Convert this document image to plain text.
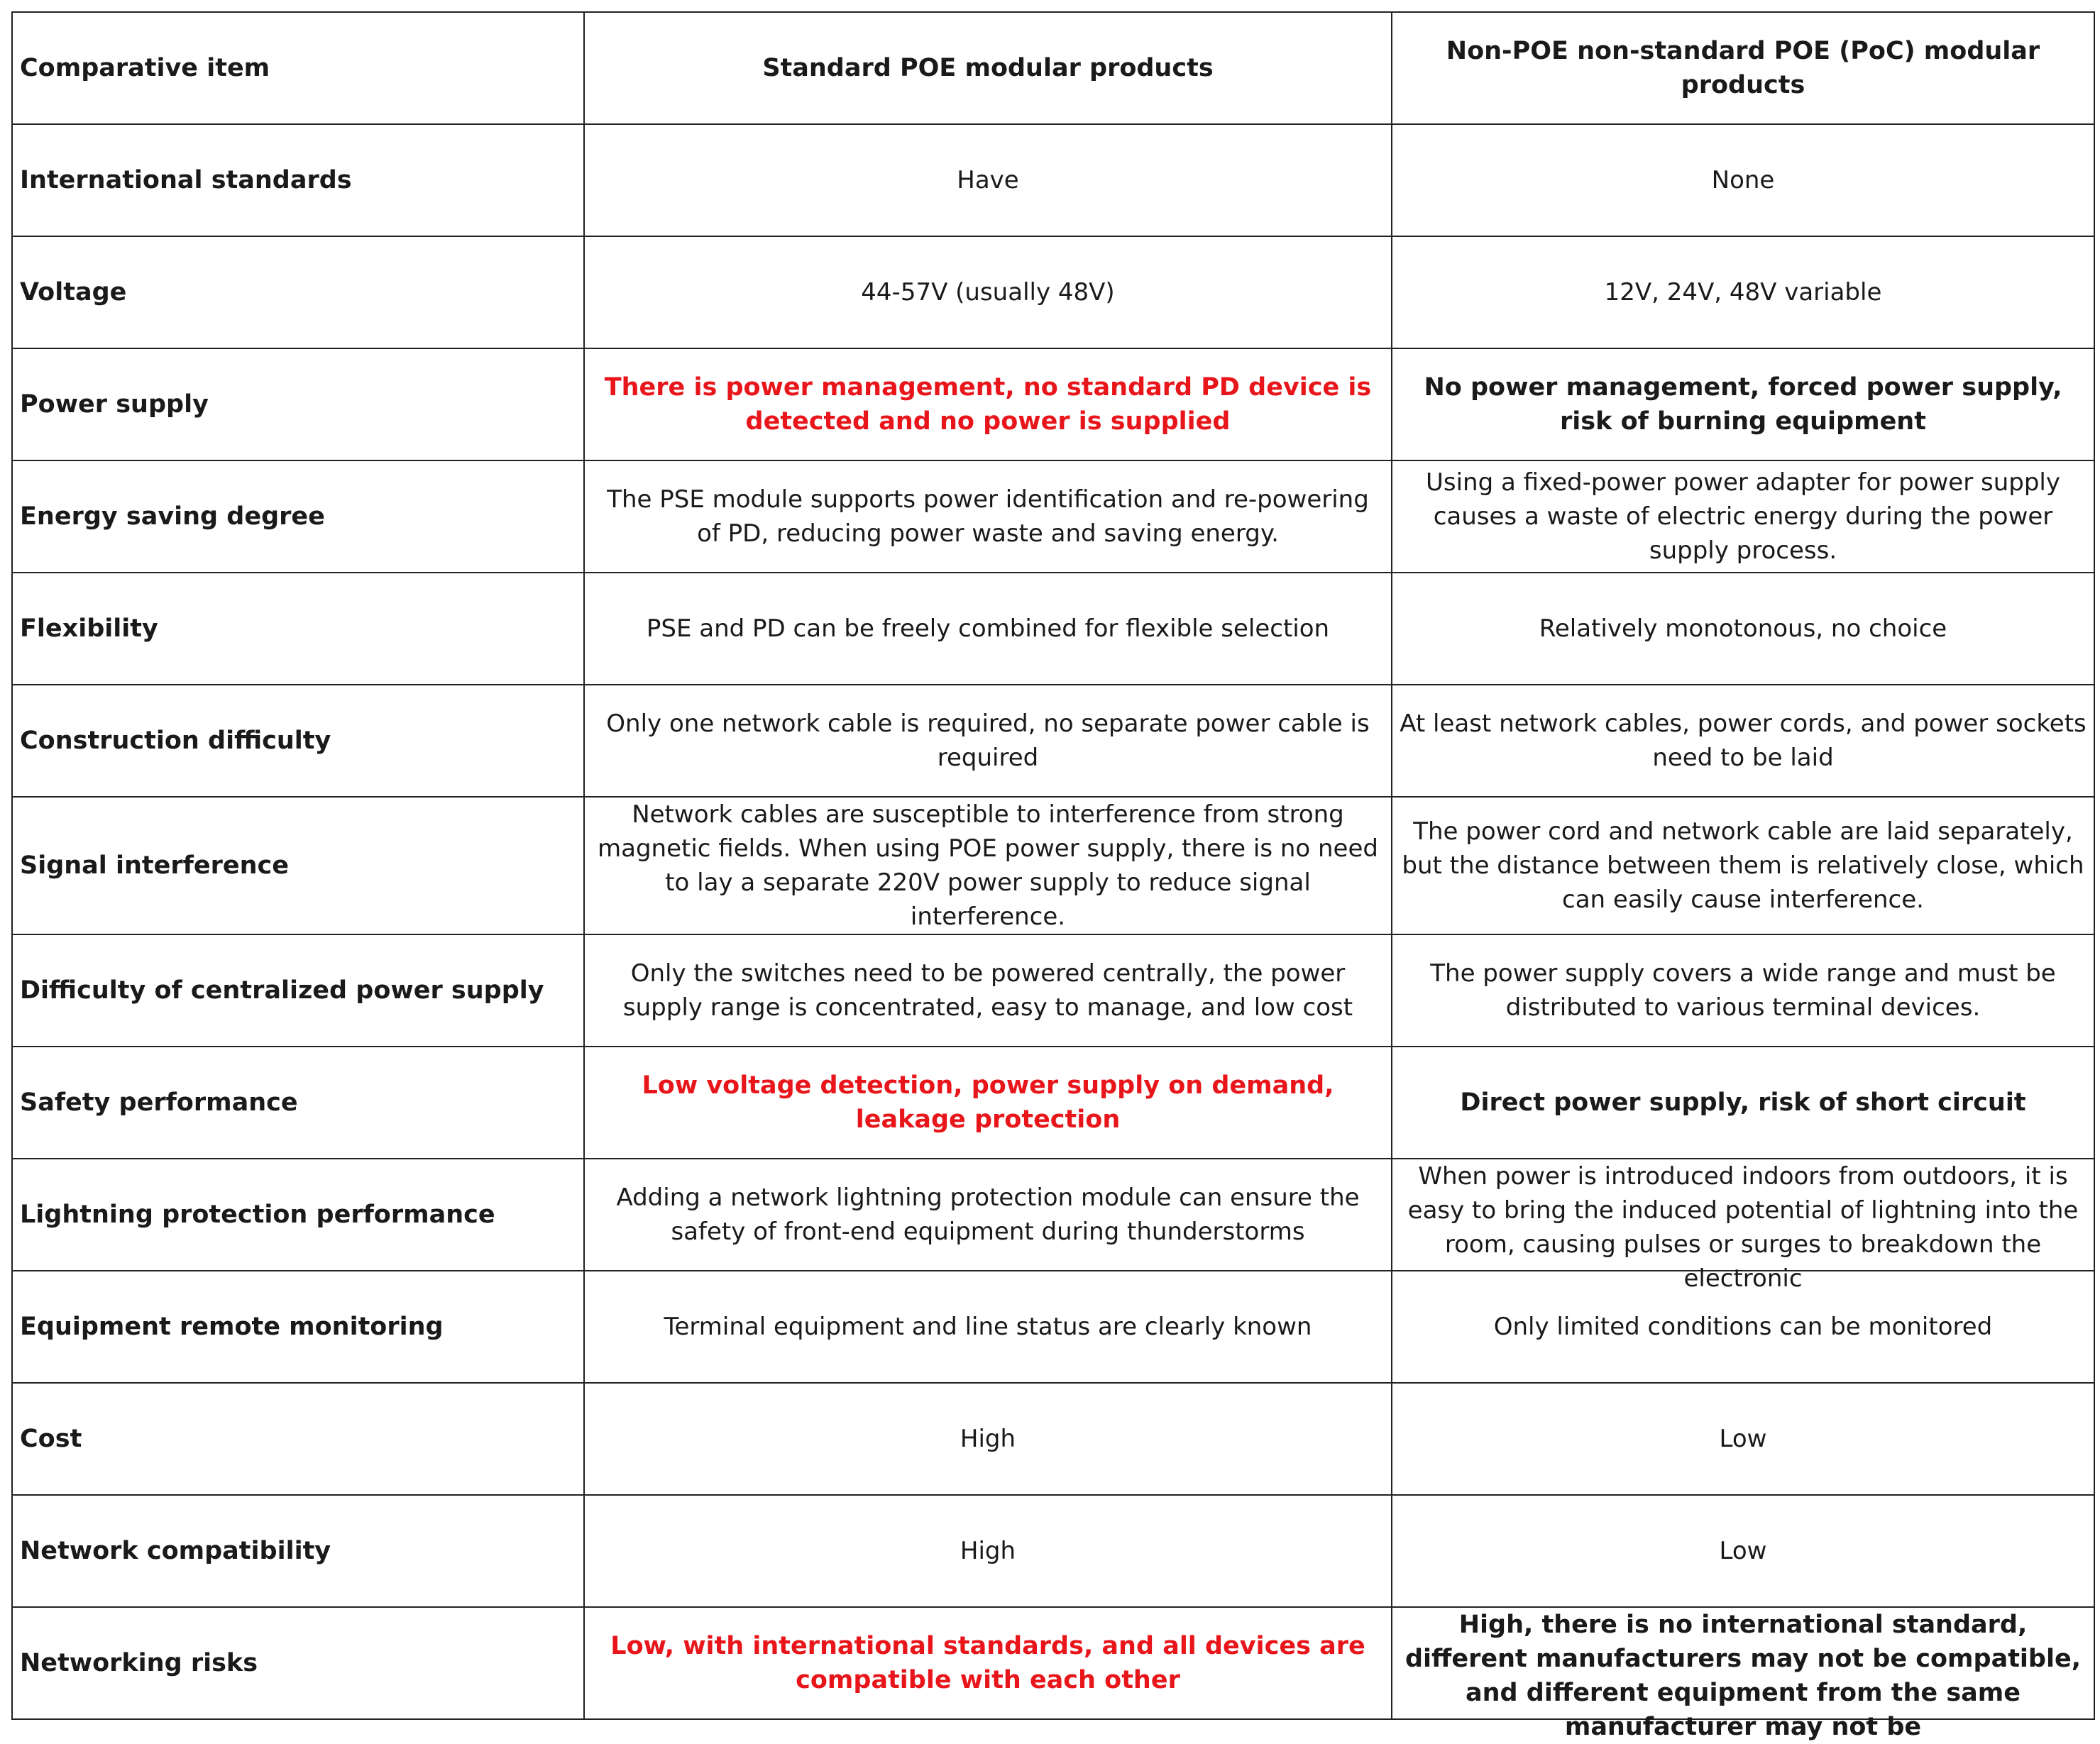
Comparative item	Standard POE modular products	Non-POE non-standard POE (PoC) modular products
International standards	Have	None
Voltage	44-57V (usually 48V)	12V, 24V, 48V variable
Power supply	There is power management, no standard PD device is detected and no power is supplied	No power management, forced power supply, risk of burning equipment
Energy saving degree	The PSE module supports power identification and re-powering of PD, reducing power waste and saving energy.	Using a fixed-power power adapter for power supply causes a waste of electric energy during the power supply process.
Flexibility	PSE and PD can be freely combined for flexible selection	Relatively monotonous, no choice
Construction difficulty	Only one network cable is required, no separate power cable is required	At least network cables, power cords, and power sockets need to be laid
Signal interference	Network cables are susceptible to interference from strong magnetic fields. When using POE power supply, there is no need to lay a separate 220V power supply to reduce signal interference.	The power cord and network cable are laid separately, but the distance between them is relatively close, which can easily cause interference.
Difficulty of centralized power supply	Only the switches need to be powered centrally, the power supply range is concentrated, easy to manage, and low cost	The power supply covers a wide range and must be distributed to various terminal devices.
Safety performance	Low voltage detection, power supply on demand, leakage protection	Direct power supply, risk of short circuit
Lightning protection performance	Adding a network lightning protection module can ensure the safety of front-end equipment during thunderstorms	When power is introduced indoors from outdoors, it is easy to bring the induced potential of lightning into the room, causing pulses or surges to breakdown the electronic

Equipment remote monitoring	Terminal equipment and line status are clearly known	Only limited conditions can be monitored
Cost	High	Low
Network compatibility	High	Low
Networking risks	Low, with international standards, and all devices are compatible with each other	High, there is no international standard, different manufacturers may not be compatible, and different equipment from the same manufacturer may not be
